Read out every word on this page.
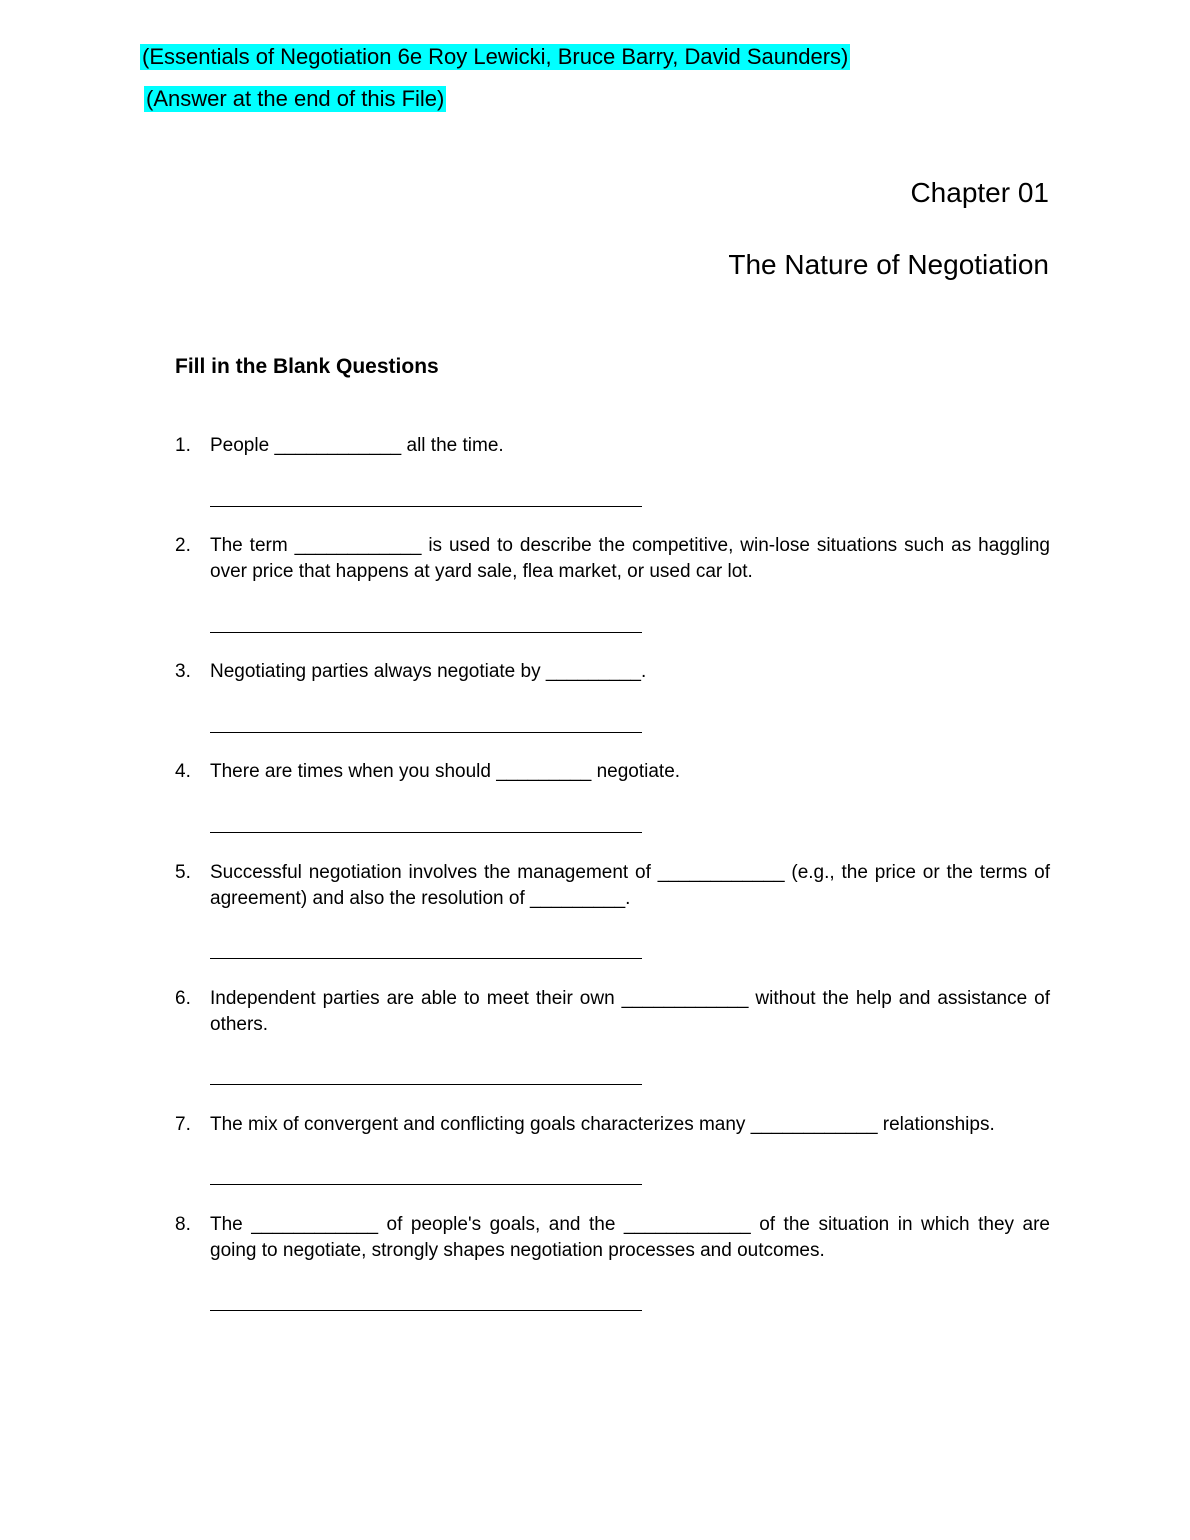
(Essentials of Negotiation 6e Roy Lewicki, Bruce Barry, David Saunders)
(Answer at the end of this File)
Chapter 01
The Nature of Negotiation
Fill in the Blank Questions
1. People ____________ all the time.
2. The term ____________ is used to describe the competitive, win-lose situations such as haggling over price that happens at yard sale, flea market, or used car lot.
3. Negotiating parties always negotiate by _________.
4. There are times when you should _________ negotiate.
5. Successful negotiation involves the management of ____________ (e.g., the price or the terms of agreement) and also the resolution of _________.
6. Independent parties are able to meet their own ____________ without the help and assistance of others.
7. The mix of convergent and conflicting goals characterizes many ____________ relationships.
8. The ____________ of people's goals, and the ____________ of the situation in which they are going to negotiate, strongly shapes negotiation processes and outcomes.
